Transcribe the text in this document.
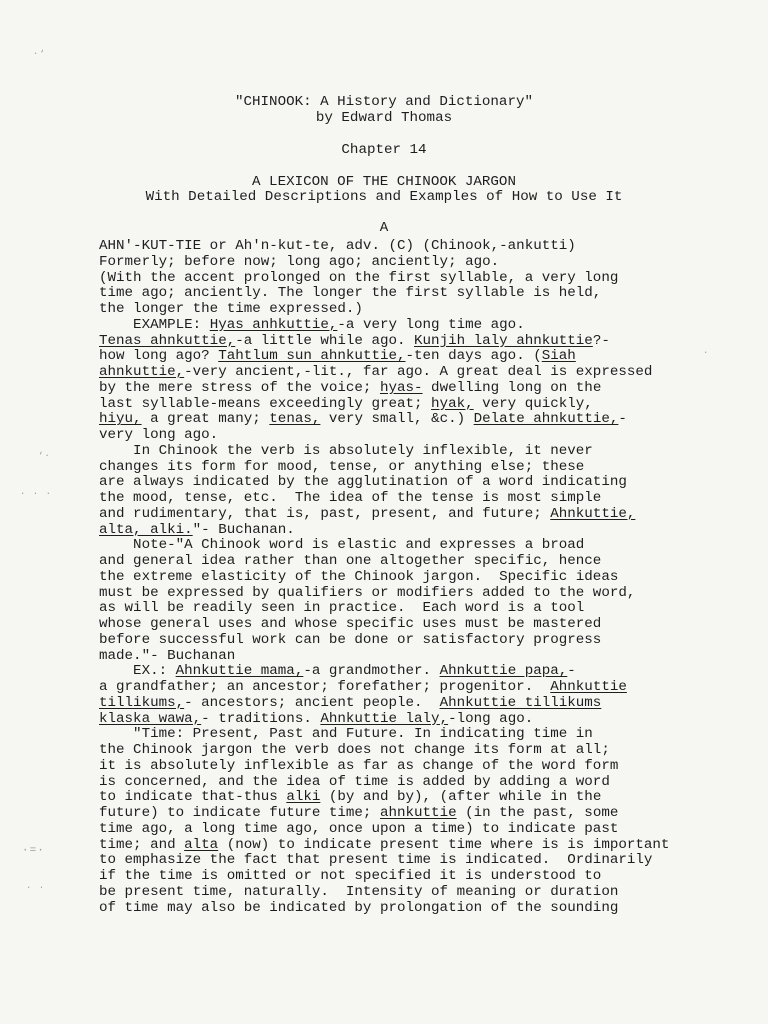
"CHINOOK: A History and Dictionary"
by Edward Thomas
Chapter 14
A LEXICON OF THE CHINOOK JARGON
With Detailed Descriptions and Examples of How to Use It
A
AHN'-KUT-TIE or Ah'n-kut-te, adv. (C) (Chinook,-ankutti)
Formerly; before now; long ago; anciently; ago.
(With the accent prolonged on the first syllable, a very long
time ago; anciently. The longer the first syllable is held,
the longer the time expressed.)
EXAMPLE: Hyas anhkuttie,-a very long time ago.
Tenas ahnkuttie,-a little while ago. Kunjih laly ahnkuttie?-
how long ago? Tahtlum sun ahnkuttie,-ten days ago. (Siah
ahnkuttie,-very ancient,-lit., far ago. A great deal is expressed
by the mere stress of the voice; hyas- dwelling long on the
last syllable-means exceedingly great; hyak, very quickly,
hiyu, a great many; tenas, very small, &c.) Delate ahnkuttie,-
very long ago.
In Chinook the verb is absolutely inflexible, it never
changes its form for mood, tense, or anything else; these
are always indicated by the agglutination of a word indicating
the mood, tense, etc.  The idea of the tense is most simple
and rudimentary, that is, past, present, and future; Ahnkuttie,
alta, alki."- Buchanan.
Note-"A Chinook word is elastic and expresses a broad
and general idea rather than one altogether specific, hence
the extreme elasticity of the Chinook jargon.  Specific ideas
must be expressed by qualifiers or modifiers added to the word,
as will be readily seen in practice.  Each word is a tool
whose general uses and whose specific uses must be mastered
before successful work can be done or satisfactory progress
made."- Buchanan
EX.: Ahnkuttie mama,-a grandmother. Ahnkuttie papa,-
a grandfather; an ancestor; forefather; progenitor.  Ahnkuttie
tillikums,- ancestors; ancient people.  Ahnkuttie tillikums
klaska wawa,- traditions. Ahnkuttie laly,-long ago.
"Time: Present, Past and Future. In indicating time in
the Chinook jargon the verb does not change its form at all;
it is absolutely inflexible as far as change of the word form
is concerned, and the idea of time is added by adding a word
to indicate that-thus alki (by and by), (after while in the
future) to indicate future time; ahnkuttie (in the past, some
time ago, a long time ago, once upon a time) to indicate past
time; and alta (now) to indicate present time where is is important
to emphasize the fact that present time is indicated.  Ordinarily
if the time is omitted or not specified it is understood to
be present time, naturally.  Intensity of meaning or duration
of time may also be indicated by prolongation of the sounding
·‘
‘·
· · ·
·
·=·
· ·
